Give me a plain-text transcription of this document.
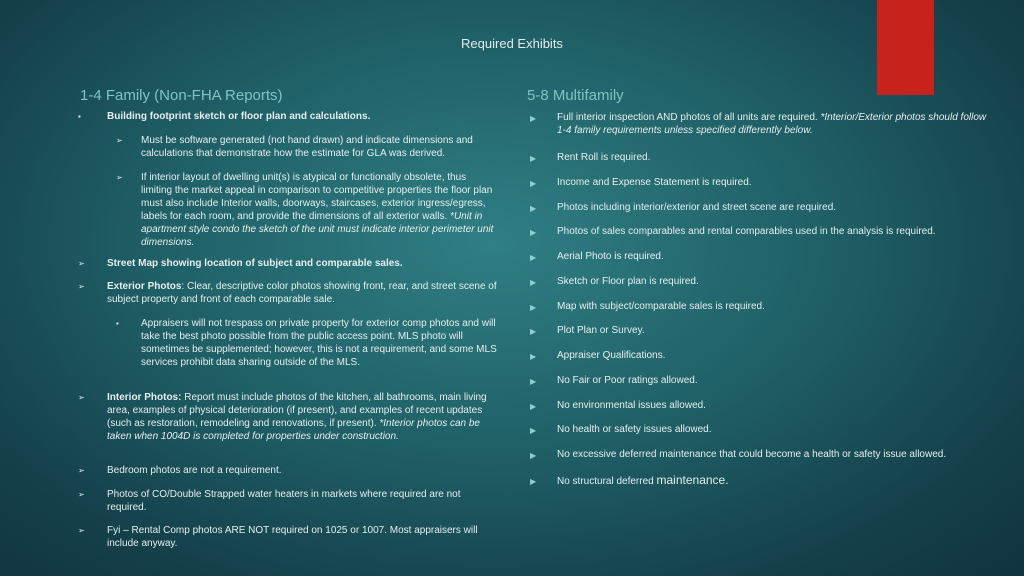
Required Exhibits
1-4 Family (Non-FHA Reports)	5-8 Multifamily
▪	Building footprint sketch or floor plan and calculations.
➢	Must be software generated (not hand drawn) and indicate dimensions and calculations that demonstrate how the estimate for GLA was derived.
➢	If interior layout of dwelling unit(s) is atypical or functionally obsolete, thus limiting the market appeal in comparison to competitive properties the floor plan must also include Interior walls, doorways, staircases, exterior ingress/egress, labels for each room, and provide the dimensions of all exterior walls. *Unit in apartment style condo the sketch of the unit must indicate interior perimeter unit dimensions.
➢	Street Map showing location of subject and comparable sales.
➢	Exterior Photos: Clear, descriptive color photos showing front, rear, and street scene of subject property and front of each comparable sale.
▪	Appraisers will not trespass on private property for exterior comp photos and will take the best photo possible from the public access point. MLS photo will sometimes be supplemented; however, this is not a requirement, and some MLS services prohibit data sharing outside of the MLS.
➢	Interior Photos: Report must include photos of the kitchen, all bathrooms, main living area, examples of physical deterioration (if present), and examples of recent updates (such as restoration, remodeling and renovations, if present). *Interior photos can be taken when 1004D is completed for properties under construction.
➢	Bedroom photos are not a requirement.
➢	Photos of CO/Double Strapped water heaters in markets where required are not required.
➢	Fyi – Rental Comp photos ARE NOT required on 1025 or 1007. Most appraisers will include anyway.
▶ Full interior inspection AND photos of all units are required. *Interior/Exterior photos should follow 1-4 family requirements unless specified differently below.
▶ Rent Roll is required.
▶ Income and Expense Statement is required.
▶ Photos including interior/exterior and street scene are required.
▶ Photos of sales comparables and rental comparables used in the analysis is required.
▶ Aerial Photo is required.
▶ Sketch or Floor plan is required.
▶ Map with subject/comparable sales is required.
▶ Plot Plan or Survey.
▶ Appraiser Qualifications.
▶ No Fair or Poor ratings allowed.
▶ No environmental issues allowed.
▶ No health or safety issues allowed.
▶ No excessive deferred maintenance that could become a health or safety issue allowed.
▶ No structural deferred maintenance.
